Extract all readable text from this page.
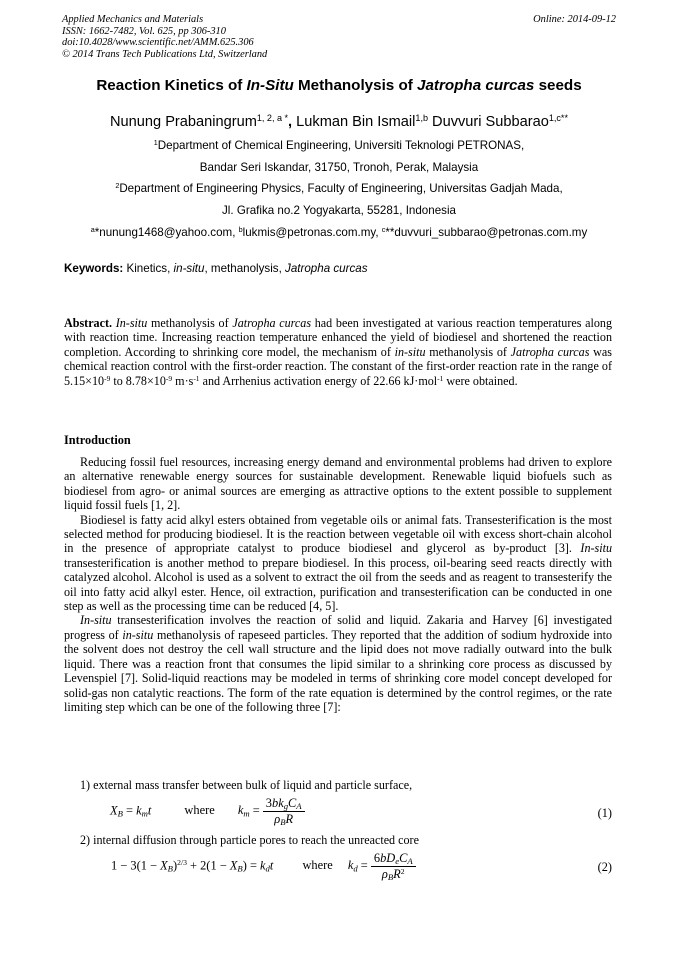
Applied Mechanics and Materials
ISSN: 1662-7482, Vol. 625, pp 306-310
doi:10.4028/www.scientific.net/AMM.625.306
© 2014 Trans Tech Publications Ltd, Switzerland
Online: 2014-09-12
Reaction Kinetics of In-Situ Methanolysis of Jatropha curcas seeds
Nunung Prabaningrum$^{1, 2, a *}$, Lukman Bin Ismail$^{1,b}$ Duvvuri Subbarao$^{1,c**}$
$^1$Department of Chemical Engineering, Universiti Teknologi PETRONAS,
Bandar Seri Iskandar, 31750, Tronoh, Perak, Malaysia
$^2$Department of Engineering Physics, Faculty of Engineering, Universitas Gadjah Mada,
Jl. Grafika no.2 Yogyakarta, 55281, Indonesia
$^a$*nunung1468@yahoo.com, $^b$lukmis@petronas.com.my, $^c$**duvvuri_subbarao@petronas.com.my
Keywords: Kinetics, in-situ, methanolysis, Jatropha curcas

Abstract. In-situ methanolysis of Jatropha curcas had been investigated at various reaction temperatures along with reaction time. Increasing reaction temperature enhanced the yield of biodiesel and shortened the reaction completion. According to shrinking core model, the mechanism of in-situ methanolysis of Jatropha curcas was chemical reaction control with the first-order reaction. The constant of the first-order reaction rate in the range of $5.15\times 10^{-9}$ to $8.78\times 10^{-9}$ $m\cdot s^{-1}$ and Arrhenius activation energy of 22.66 kJ·mol$^{-1}$ were obtained.

Introduction

Reducing fossil fuel resources, increasing energy demand and environmental problems had driven to explore an alternative renewable energy sources for sustainable development. Renewable liquid biofuels such as biodiesel from agro- or animal sources are emerging as attractive options to the extent possible to supplement liquid fossil fuels [1, 2].

Biodiesel is fatty acid alkyl esters obtained from vegetable oils or animal fats. Transesterification is the most selected method for producing biodiesel. It is the reaction between vegetable oil with excess short-chain alcohol in the presence of appropriate catalyst to produce biodiesel and glycerol as by-product [3]. In-situ transesterification is another method to prepare biodiesel. In this process, oil-bearing seed reacts directly with catalyzed alcohol. Alcohol is used as a solvent to extract the oil from the seeds and as reagent to transesterify the oil into fatty acid alkyl ester. Hence, oil extraction, purification and transesterification can be conducted in one step as well as the processing time can be reduced [4, 5].

In-situ transesterification involves the reaction of solid and liquid. Zakaria and Harvey [6] investigated progress of in-situ methanolysis of rapeseed particles. They reported that the addition of sodium hydroxide into the solvent does not destroy the cell wall structure and the lipid does not move radially outward into the bulk liquid. There was a reaction front that consumes the lipid similar to a shrinking core process as discussed by Levenspiel [7]. Solid-liquid reactions may be modeled in terms of shrinking core model concept developed for solid-gas non catalytic reactions. The form of the rate equation is determined by the control regimes, or the rate limiting step which can be one of the following three [7]:

1) external mass transfer between bulk of liquid and particle surface,
$X_B = k_mt$	where $k_m = \frac{3bk_gC_A}{\rho_BR}$	(1)
2) internal diffusion through particle pores to reach the unreacted core
$1 - 3(1 - X_B)^{2/3} + 2(1 - X_B) = k_dt$ where $k_d = \frac{6bD_eC_A}{\rho_BR^2}$	(2)
